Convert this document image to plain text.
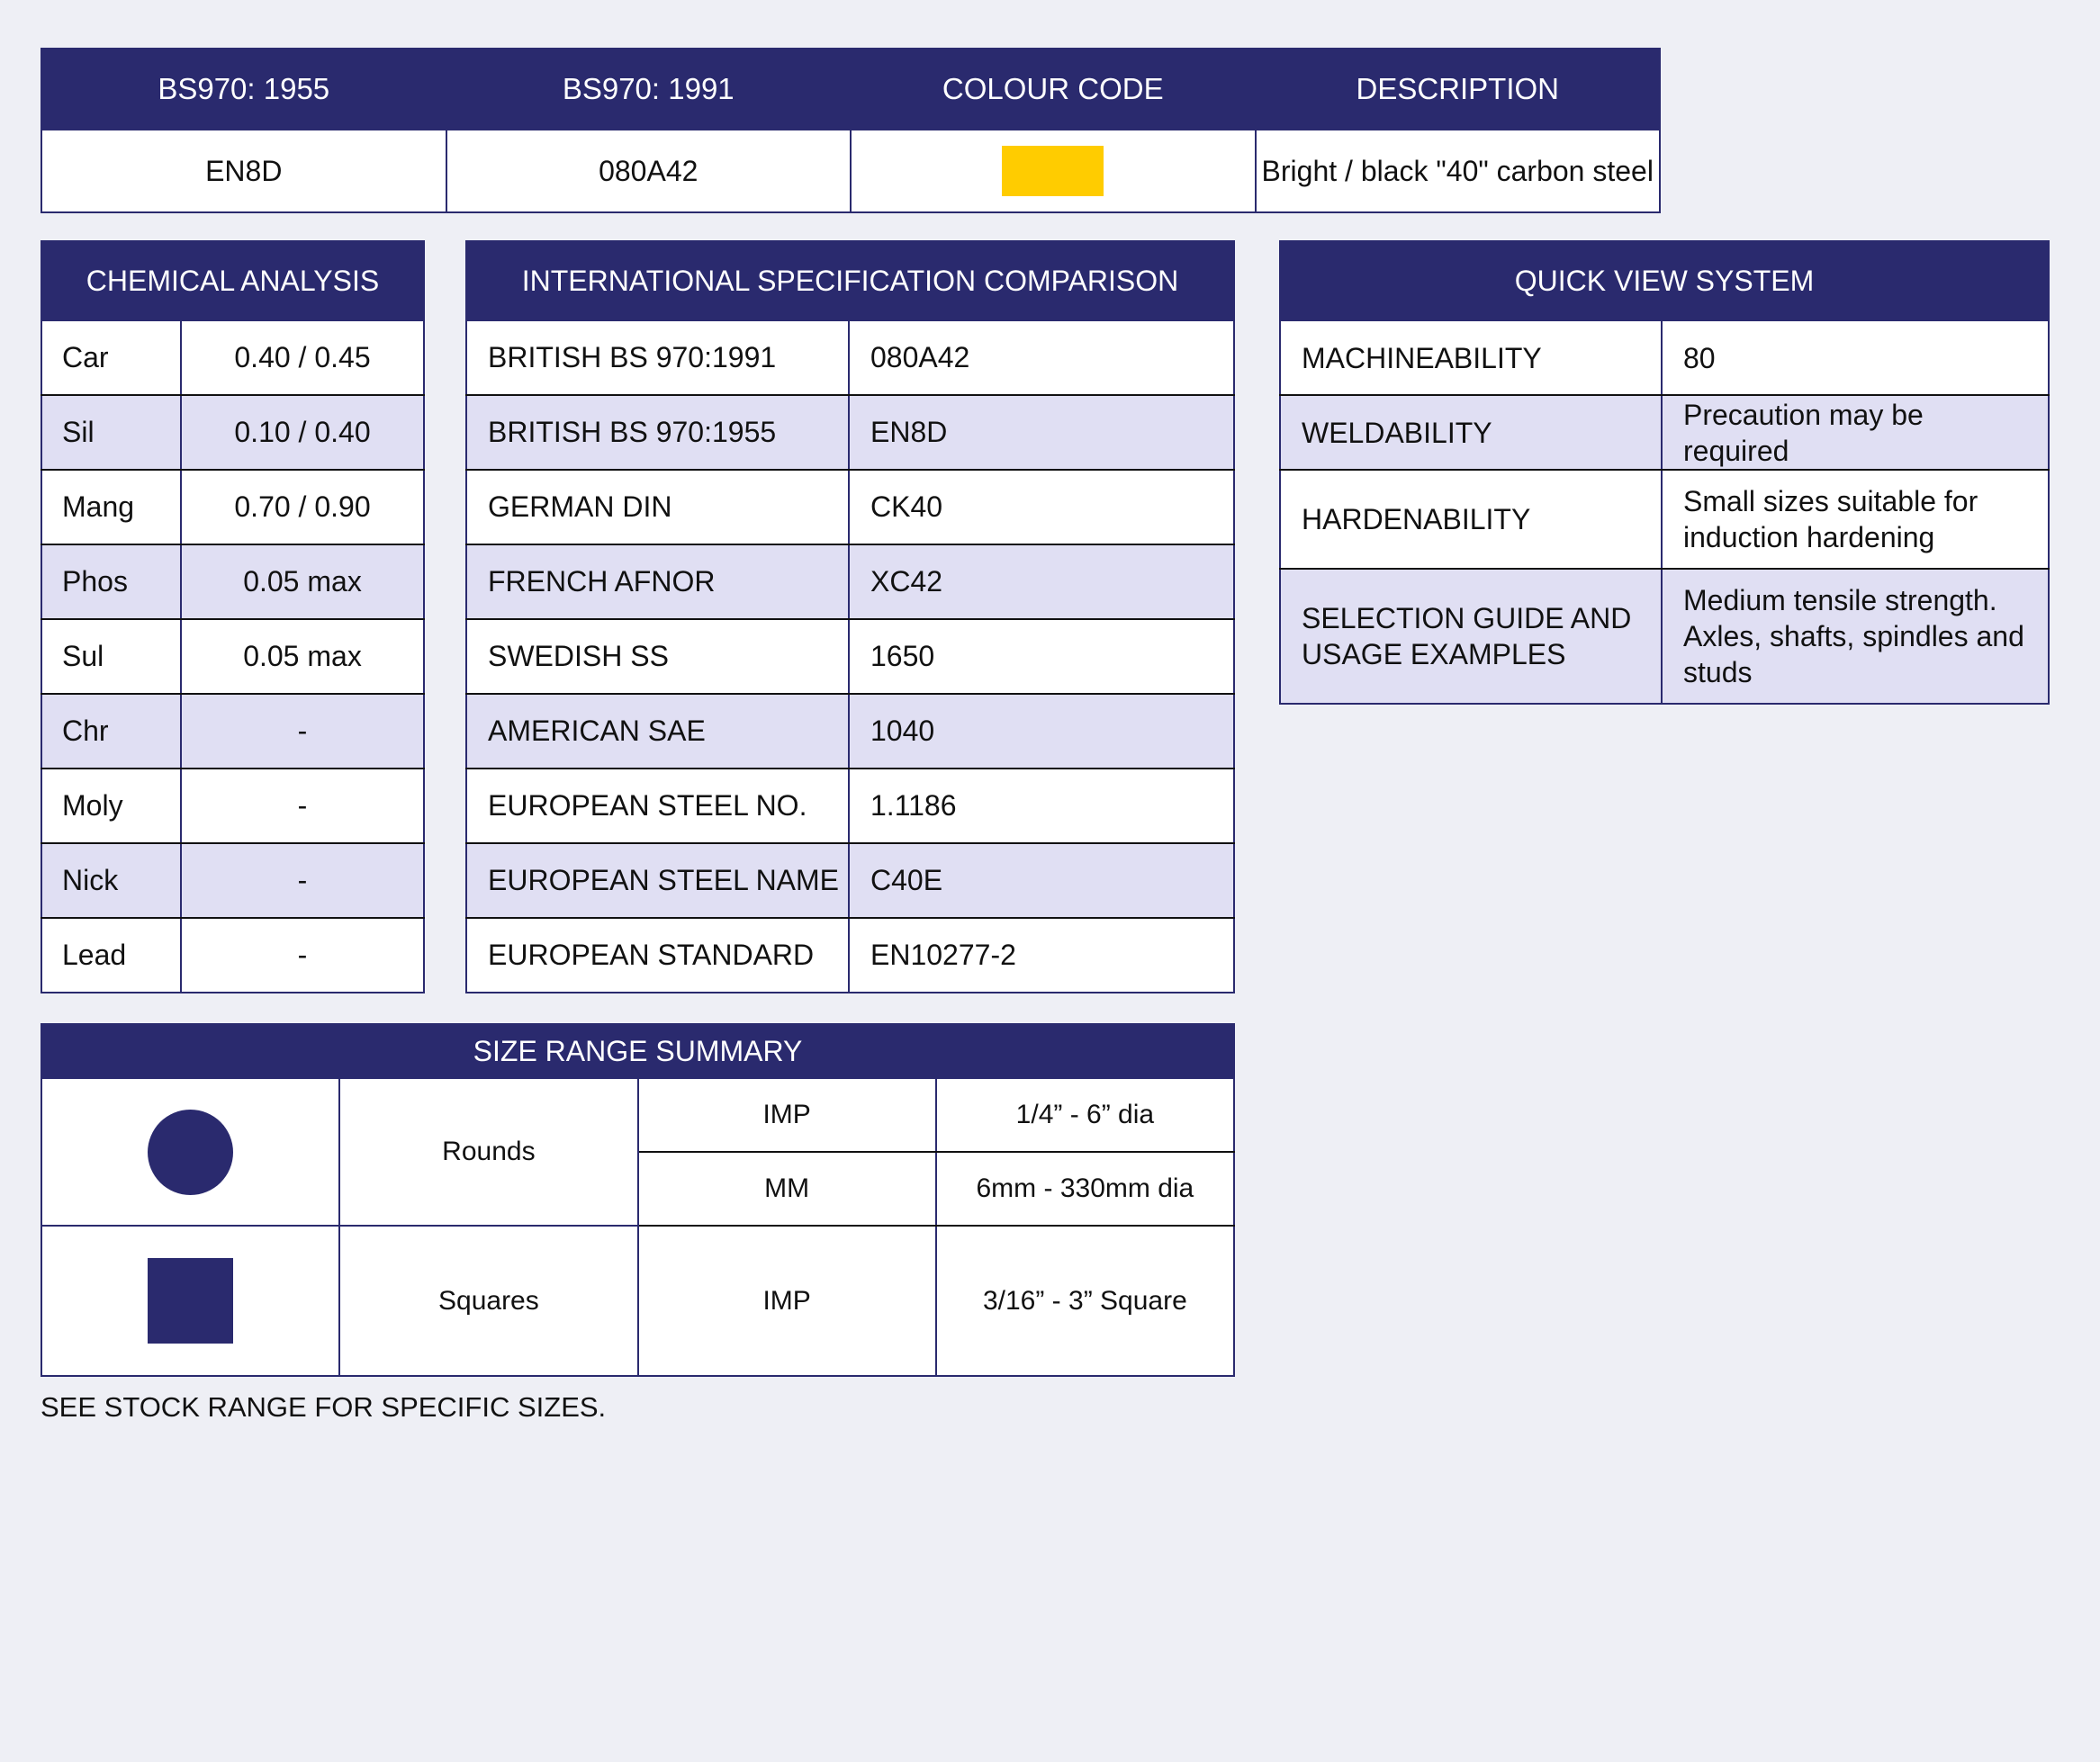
BS970: 1955	BS970: 1991	COLOUR CODE	DESCRIPTION
EN8D	080A42		Bright / black "40" carbon steel
CHEMICAL ANALYSIS	
Car	0.40 / 0.45
Sil	0.10 / 0.40
Mang	0.70 / 0.90
Phos	0.05 max
Sul	0.05 max
Chr	-
Moly	-
Nick	-
Lead	-
INTERNATIONAL SPECIFICATION COMPARISON	
BRITISH BS 970:1991	080A42
BRITISH BS 970:1955	EN8D
GERMAN DIN	CK40
FRENCH AFNOR	XC42
SWEDISH SS	1650
AMERICAN SAE	1040
EUROPEAN STEEL NO.	1.1186
EUROPEAN STEEL NAME	C40E
EUROPEAN STANDARD	EN10277-2
QUICK VIEW SYSTEM	
MACHINEABILITY	80
WELDABILITY	Precaution may be required
HARDENABILITY	Small sizes suitable for induction hardening
SELECTION GUIDE AND USAGE EXAMPLES	Medium tensile strength. Axles, shafts, spindles and studs
SIZE RANGE SUMMARY			
	Rounds	IMP	1/4” - 6” dia
		MM	6mm - 330mm dia
	Squares	IMP	3/16” - 3” Square
SEE STOCK RANGE FOR SPECIFIC SIZES.
